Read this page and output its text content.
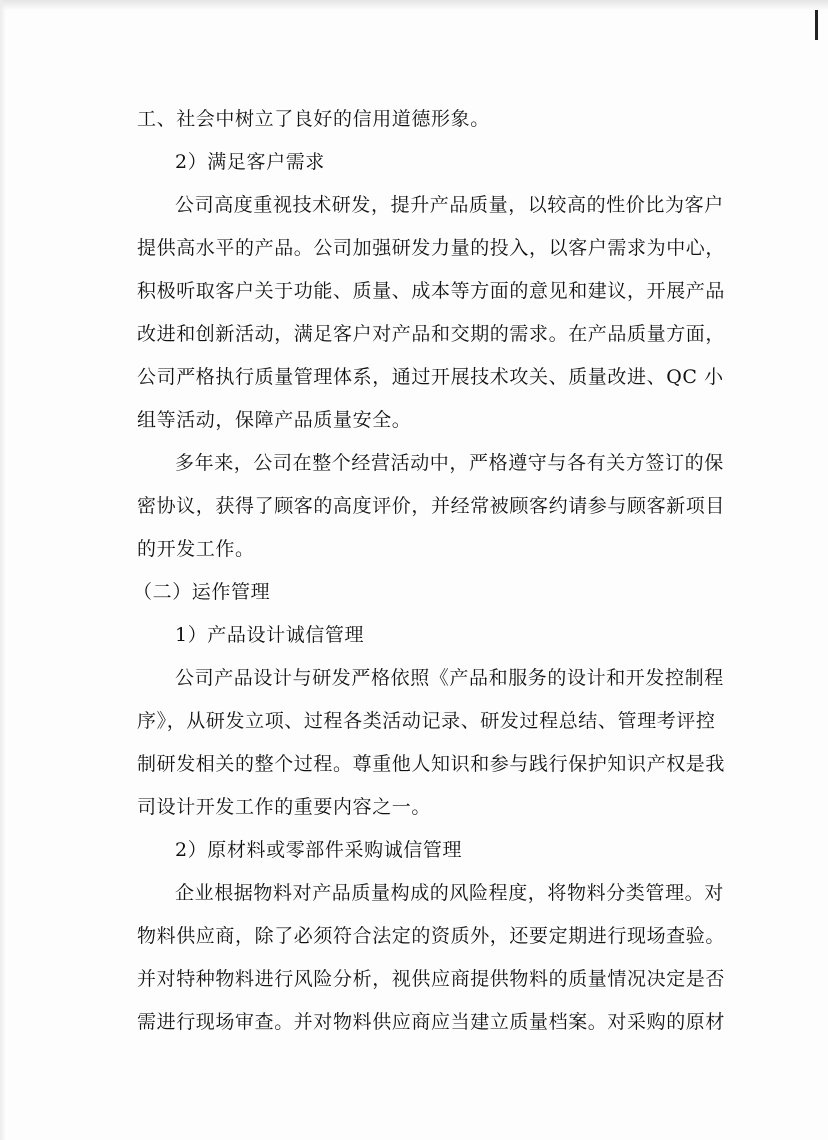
工、社会中树立了良好的信用道德形象。
2）满足客户需求
公司高度重视技术研发，提升产品质量，以较高的性价比为客户
提供高水平的产品。公司加强研发力量的投入，以客户需求为中心，
积极听取客户关于功能、质量、成本等方面的意见和建议，开展产品
改进和创新活动，满足客户对产品和交期的需求。在产品质量方面，
公司严格执行质量管理体系，通过开展技术攻关、质量改进、QC 小
组等活动，保障产品质量安全。
多年来，公司在整个经营活动中，严格遵守与各有关方签订的保
密协议，获得了顾客的高度评价，并经常被顾客约请参与顾客新项目
的开发工作。
（二）运作管理
1）产品设计诚信管理
公司产品设计与研发严格依照《产品和服务的设计和开发控制程
序》，从研发立项、过程各类活动记录、研发过程总结、管理考评控
制研发相关的整个过程。尊重他人知识和参与践行保护知识产权是我
司设计开发工作的重要内容之一。
2）原材料或零部件采购诚信管理
企业根据物料对产品质量构成的风险程度，将物料分类管理。对
物料供应商，除了必须符合法定的资质外，还要定期进行现场查验。
并对特种物料进行风险分析，视供应商提供物料的质量情况决定是否
需进行现场审查。并对物料供应商应当建立质量档案。对采购的原材
